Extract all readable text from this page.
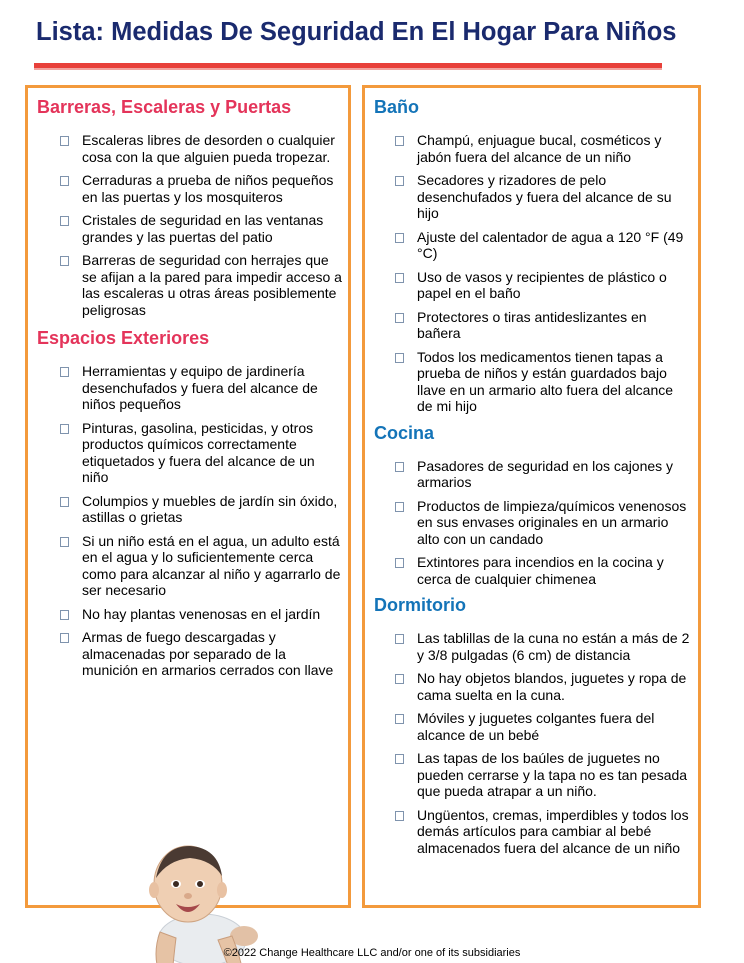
Lista: Medidas De Seguridad En El Hogar Para Niños
Barreras, Escaleras y Puertas
Escaleras libres de desorden o cualquier cosa con la que alguien pueda tropezar.
Cerraduras a prueba de niños pequeños en las puertas y los mosquiteros
Cristales de seguridad en las ventanas grandes y las puertas del patio
Barreras de seguridad con herrajes que se afijan a la pared para impedir acceso a las escaleras u otras áreas posiblemente peligrosas
Espacios Exteriores
Herramientas y equipo de jardinería desenchufados y fuera del alcance de niños pequeños
Pinturas, gasolina, pesticidas, y otros productos químicos correctamente etiquetados y fuera del alcance de un niño
Columpios y muebles de jardín sin óxido, astillas o grietas
Si un niño está en el agua, un adulto está en el agua y lo suficientemente cerca como para alcanzar al niño y agarrarlo de ser necesario
No hay plantas venenosas en el jardín
Armas de fuego descargadas y almacenadas por separado de la munición en armarios cerrados con llave
Baño
Champú, enjuague bucal, cosméticos y jabón fuera del alcance de un niño
Secadores y rizadores de pelo desenchufados y fuera del alcance de su hijo
Ajuste del calentador de agua a 120 °F (49 °C)
Uso de vasos y recipientes de plástico o papel en el baño
Protectores o tiras antideslizantes en bañera
Todos los medicamentos tienen tapas a prueba de niños y están guardados bajo llave en un armario alto fuera del alcance de mi hijo
Cocina
Pasadores de seguridad en los cajones y armarios
Productos de limpieza/químicos venenosos en sus envases originales en un armario alto con un candado
Extintores para incendios en la cocina y cerca de cualquier chimenea
Dormitorio
Las tablillas de la cuna no están a más de 2 y 3/8 pulgadas (6 cm) de distancia
No hay objetos blandos, juguetes y ropa de cama suelta en la cuna.
Móviles y juguetes colgantes fuera del alcance de un bebé
Las tapas de los baúles de juguetes no pueden cerrarse y la tapa no es tan pesada que pueda atrapar a un niño.
Ungüentos, cremas, imperdibles y todos los demás artículos para cambiar al bebé almacenados fuera del alcance de un niño
©2022 Change Healthcare LLC and/or one of its subsidiaries
